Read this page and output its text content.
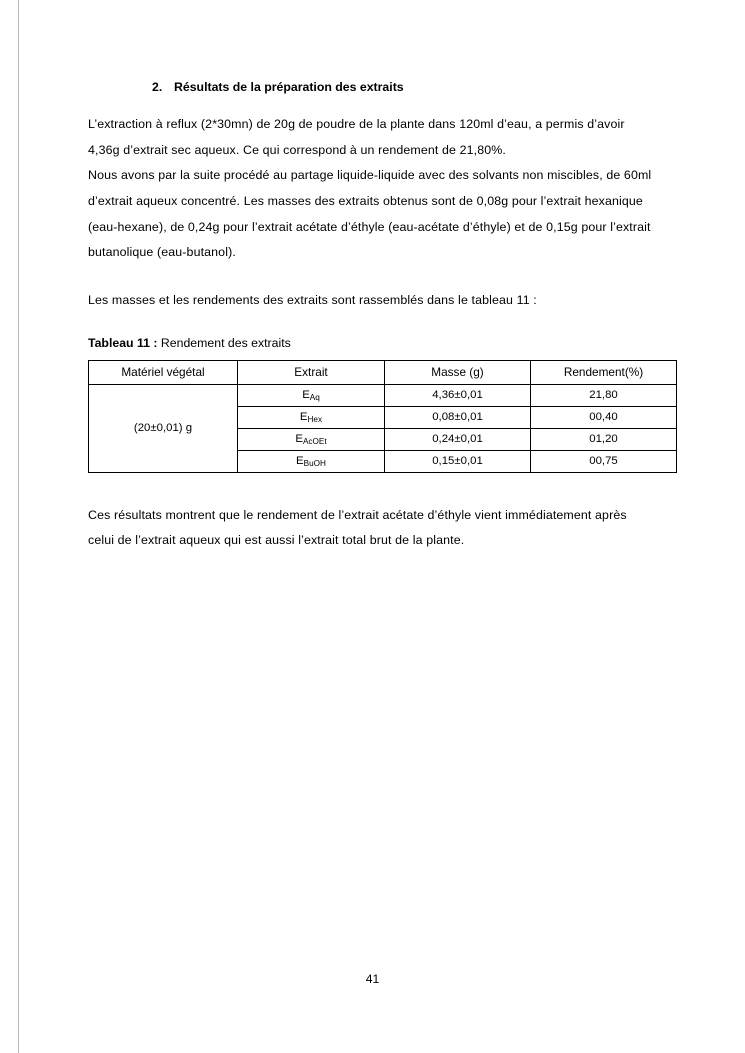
2. Résultats de la préparation des extraits

L’extraction à reflux (2*30mn) de 20g de poudre de la plante dans 120ml d’eau, a permis d’avoir 4,36g d’extrait sec aqueux. Ce qui correspond à un rendement de 21,80%.

Nous avons par la suite procédé au partage liquide-liquide avec des solvants non miscibles, de 60ml d’extrait aqueux concentré. Les masses des extraits obtenus sont de 0,08g pour l’extrait hexanique (eau-hexane), de 0,24g pour l’extrait acétate d’éthyle (eau-acétate d’éthyle) et de 0,15g pour l’extrait butanolique (eau-butanol).

Les masses et les rendements des extraits sont rassemblés dans le tableau 11 :

Tableau 11 : Rendement des extraits

Matériel végétal	Extrait	Masse (g)	Rendement(%)
(20±0,01) g	$E_{Aq}$	4,36±0,01	21,80
	$E_{Hex}$	0,08±0,01	00,40
	$E_{AcOEt}$	0,24±0,01	01,20
	$E_{BuOH}$	0,15±0,01	00,75

Ces résultats montrent que le rendement de l’extrait acétate d’éthyle vient immédiatement après celui de l’extrait aqueux qui est aussi l’extrait total brut de la plante.

41
